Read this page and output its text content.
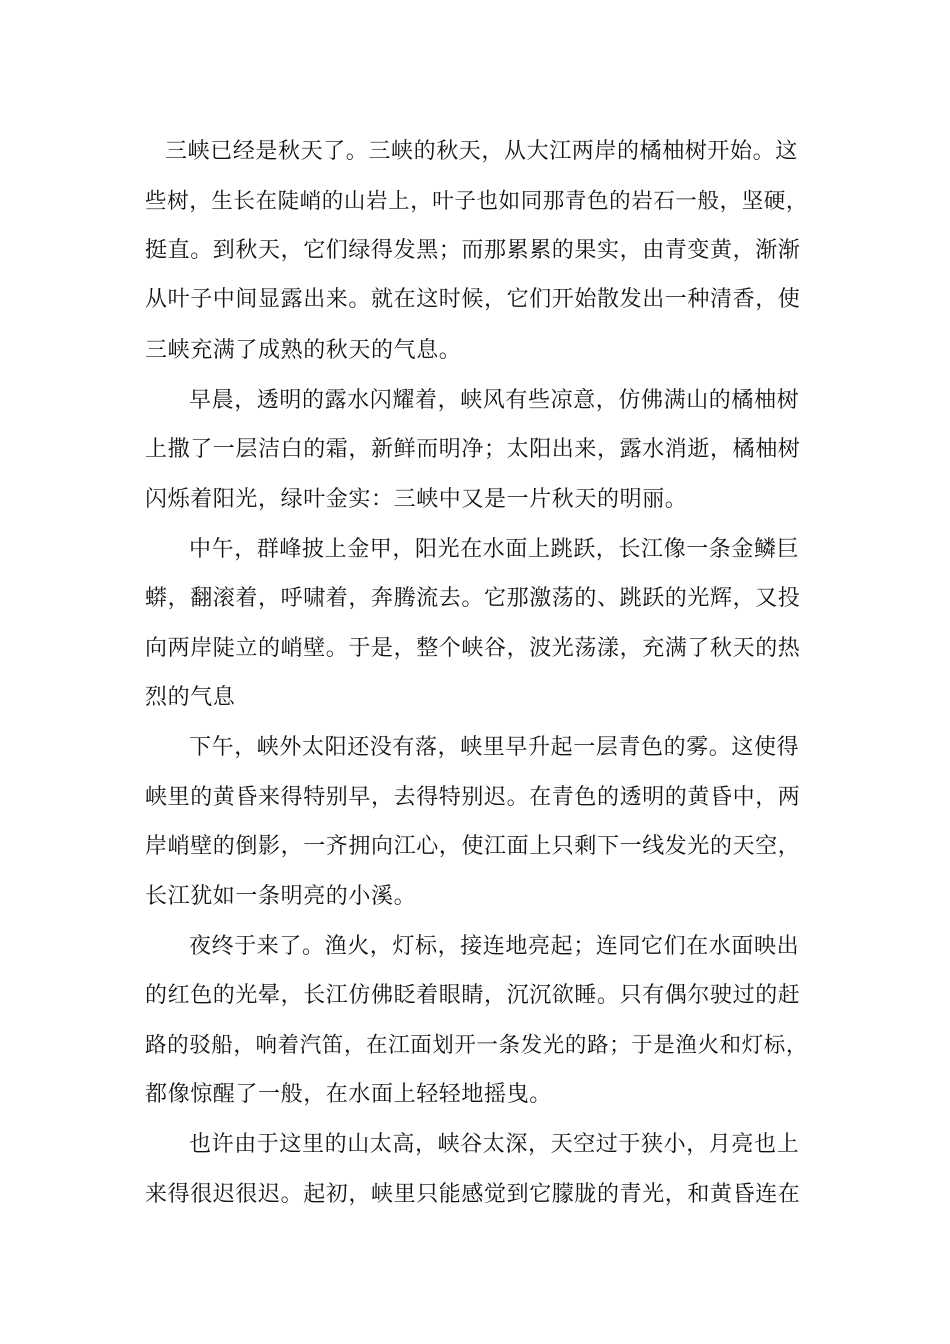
三峡已经是秋天了。三峡的秋天，从大江两岸的橘柚树开始。这
些树，生长在陡峭的山岩上，叶子也如同那青色的岩石一般，坚硬，
挺直。到秋天，它们绿得发黑；而那累累的果实，由青变黄，渐渐
从叶子中间显露出来。就在这时候，它们开始散发出一种清香，使
三峡充满了成熟的秋天的气息。
早晨，透明的露水闪耀着，峡风有些凉意，仿佛满山的橘柚树
上撒了一层洁白的霜，新鲜而明净；太阳出来，露水消逝，橘柚树
闪烁着阳光，绿叶金实：三峡中又是一片秋天的明丽。
中午，群峰披上金甲，阳光在水面上跳跃，长江像一条金鳞巨
蟒，翻滚着，呼啸着，奔腾流去。它那激荡的、跳跃的光辉，又投
向两岸陡立的峭壁。于是，整个峡谷，波光荡漾，充满了秋天的热
烈的气息
下午，峡外太阳还没有落，峡里早升起一层青色的雾。这使得
峡里的黄昏来得特别早，去得特别迟。在青色的透明的黄昏中，两
岸峭壁的倒影，一齐拥向江心，使江面上只剩下一线发光的天空，
长江犹如一条明亮的小溪。
夜终于来了。渔火，灯标，接连地亮起；连同它们在水面映出
的红色的光晕，长江仿佛眨着眼睛，沉沉欲睡。只有偶尔驶过的赶
路的驳船，响着汽笛，在江面划开一条发光的路；于是渔火和灯标，
都像惊醒了一般，在水面上轻轻地摇曳。
也许由于这里的山太高，峡谷太深，天空过于狭小，月亮也上
来得很迟很迟。起初，峡里只能感觉到它朦胧的青光，和黄昏连在
